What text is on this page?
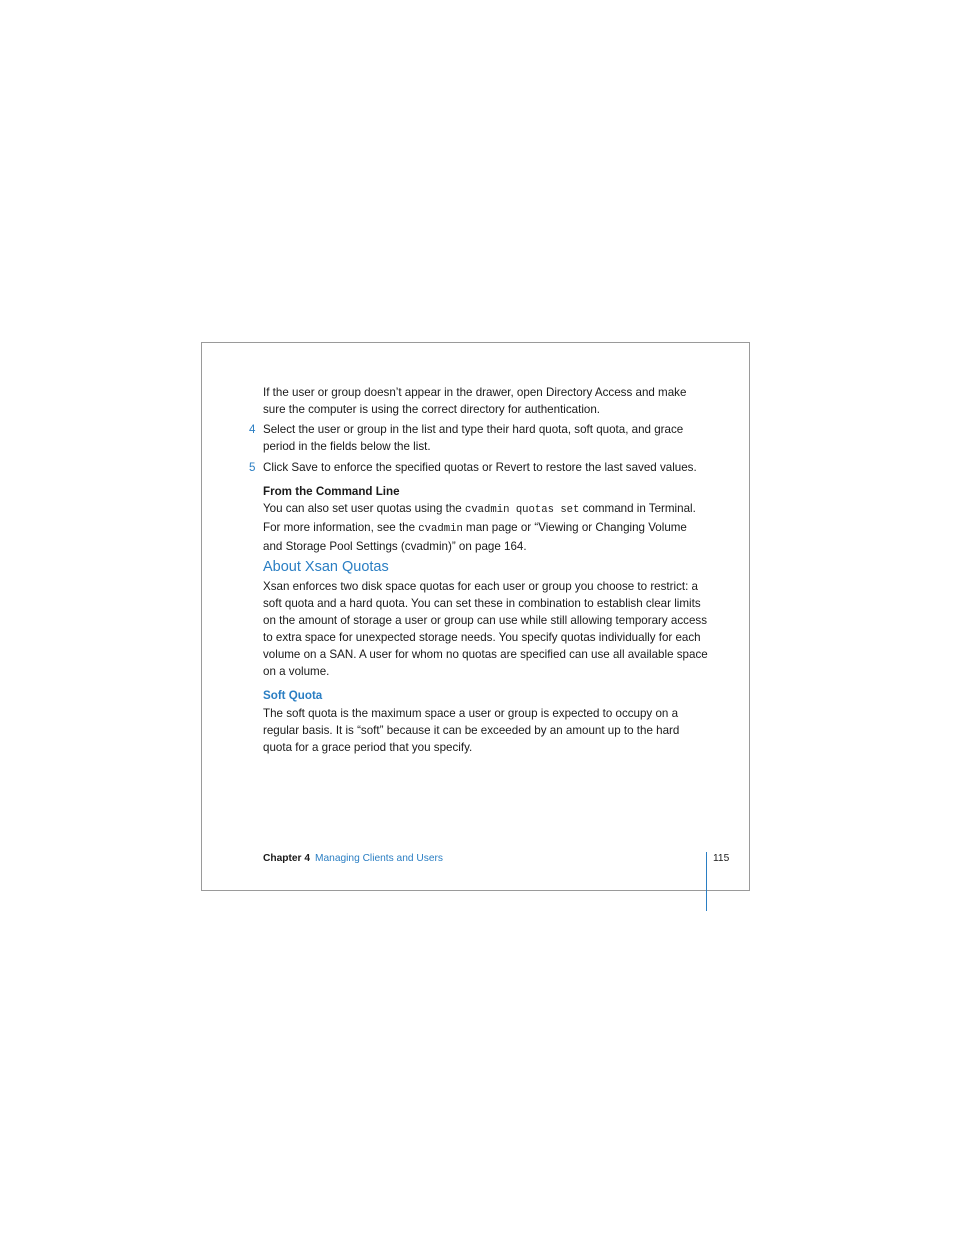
If the user or group doesn’t appear in the drawer, open Directory Access and make sure the computer is using the correct directory for authentication.
4 Select the user or group in the list and type their hard quota, soft quota, and grace period in the fields below the list.
5 Click Save to enforce the specified quotas or Revert to restore the last saved values.
From the Command Line
You can also set user quotas using the cvadmin quotas set command in Terminal. For more information, see the cvadmin man page or “Viewing or Changing Volume and Storage Pool Settings (cvadmin)” on page 164.
About Xsan Quotas
Xsan enforces two disk space quotas for each user or group you choose to restrict: a soft quota and a hard quota. You can set these in combination to establish clear limits on the amount of storage a user or group can use while still allowing temporary access to extra space for unexpected storage needs. You specify quotas individually for each volume on a SAN. A user for whom no quotas are specified can use all available space on a volume.
Soft Quota
The soft quota is the maximum space a user or group is expected to occupy on a regular basis. It is “soft” because it can be exceeded by an amount up to the hard quota for a grace period that you specify.
Chapter 4 Managing Clients and Users	115
